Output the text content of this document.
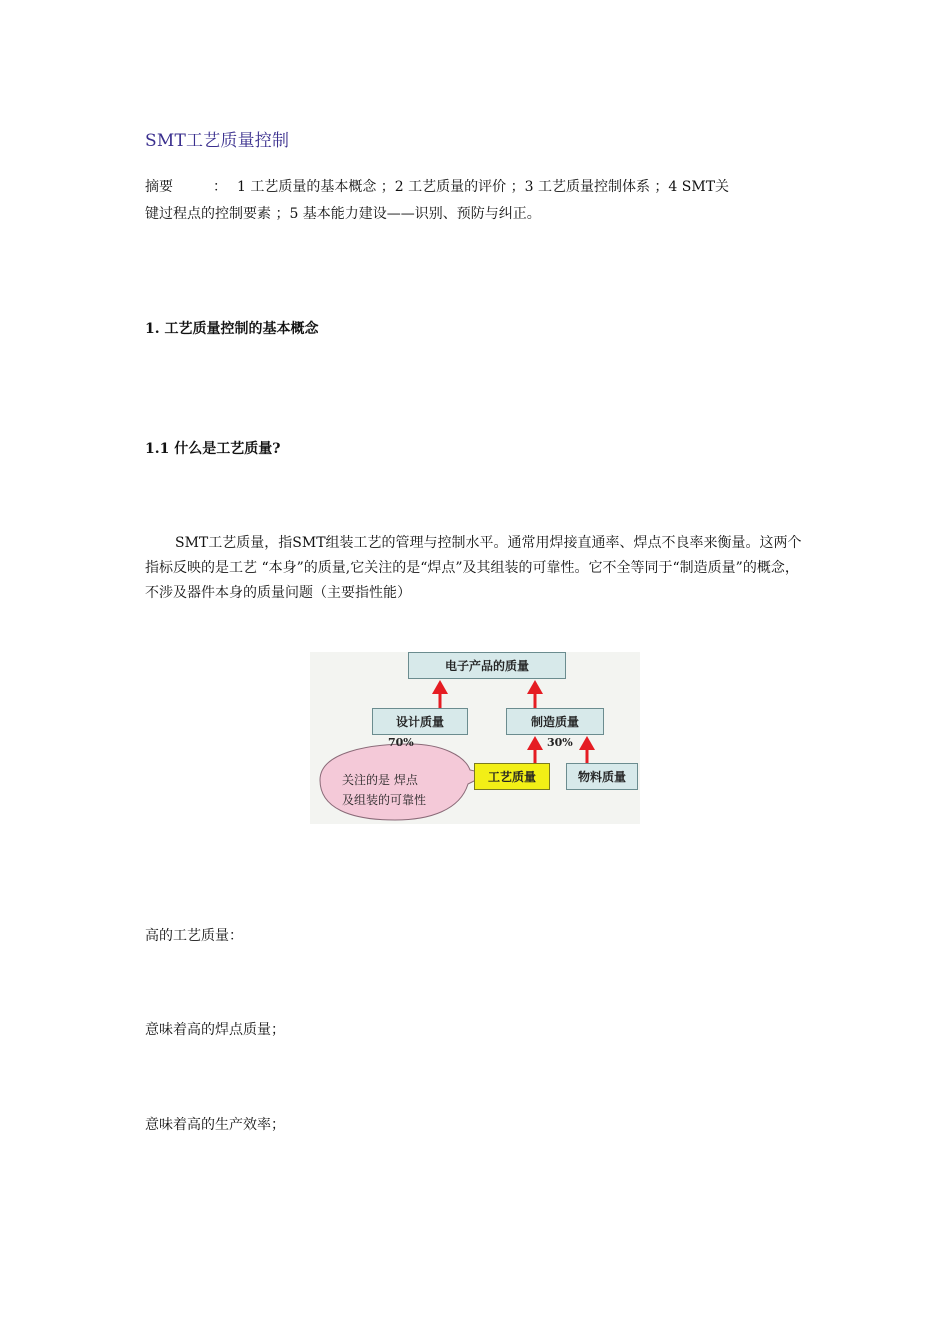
SMT工艺质量控制
摘要	： 1 工艺质量的基本概念 ；2 工艺质量的评价 ；3 工艺质量控制体系 ；4 SMT关
键过程点的控制要素 ；5 基本能力建设——识别、预防与纠正。
1. 工艺质量控制的基本概念
1.1 什么是工艺质量?
SMT工艺质量，指SMT组装工艺的管理与控制水平。通常用焊接直通率、焊点不良率来衡量。这两个指标反映的是工艺 “本身”的质量,它关注的是“焊点”及其组装的可靠性。它不全等同于“制造质量”的概念，不涉及器件本身的质量问题（主要指性能）
电子产品的质量
设计质量	制造质量
工艺质量	物料质量
70%	30%
关注的是 焊点
及组装的可靠性
高的工艺质量：
意味着高的焊点质量；
意味着高的生产效率；
